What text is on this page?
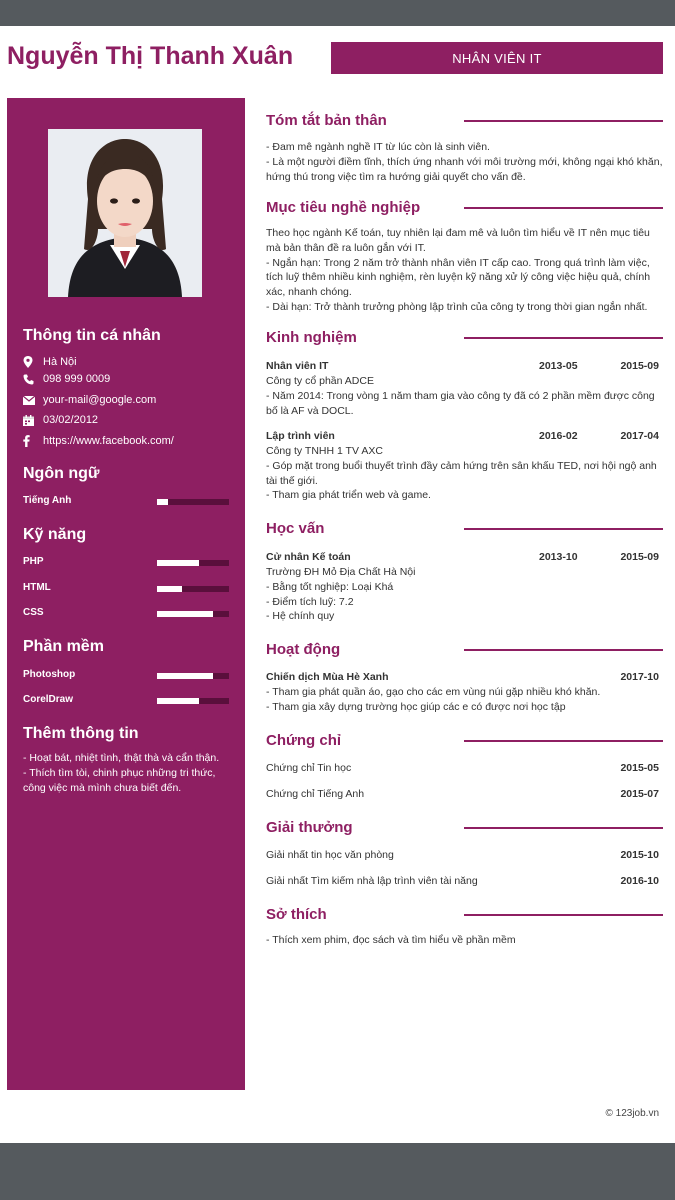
Nguyễn Thị Thanh Xuân	NHÂN VIÊN IT
Thông tin cá nhân
Hà Nội
098 999 0009
your-mail@google.com
03/02/2012
https://www.facebook.com/
Ngôn ngữ
Tiếng Anh
Kỹ năng
PHP
HTML
CSS
Phần mềm
Photoshop
CorelDraw
Thêm thông tin
- Hoạt bát, nhiệt tình, thật thà và cẩn thận.
- Thích tìm tòi, chinh phục những tri thức, công việc mà mình chưa biết đến.
Tóm tắt bản thân
- Đam mê ngành nghề IT từ lúc còn là sinh viên.
- Là một người điềm tĩnh, thích ứng nhanh với môi trường mới, không ngại khó khăn, hứng thú trong việc tìm ra hướng giải quyết cho vấn đề.
Mục tiêu nghề nghiệp
Theo học ngành Kế toán, tuy nhiên lại đam mê và luôn tìm hiểu về IT nên mục tiêu mà bản thân đề ra luôn gắn với IT.
- Ngắn hạn: Trong 2 năm trở thành nhân viên IT cấp cao. Trong quá trình làm việc, tích luỹ thêm nhiều kinh nghiệm, rèn luyện kỹ năng xử lý công việc hiệu quả, chính xác, nhanh chóng.
- Dài hạn: Trở thành trưởng phòng lập trình của công ty trong thời gian ngắn nhất.
Kinh nghiệm
Nhân viên IT	2013-05	2015-09
Công ty cổ phần ADCE
- Năm 2014: Trong vòng 1 năm tham gia vào công ty đã có 2 phần mềm được công bố là AF và DOCL.
Lập trình viên	2016-02	2017-04
Công ty TNHH 1 TV AXC
- Góp mặt trong buổi thuyết trình đầy cảm hứng trên sân khấu TED, nơi hội ngộ anh tài thế giới.
- Tham gia phát triển web và game.
Học vấn
Cử nhân Kế toán	2013-10	2015-09
Trường ĐH Mỏ Địa Chất Hà Nội
- Bằng tốt nghiệp: Loại Khá
- Điểm tích luỹ: 7.2
- Hệ chính quy
Hoạt động
Chiến dịch Mùa Hè Xanh	2017-10
- Tham gia phát quần áo, gạo cho các em vùng núi gặp nhiều khó khăn.
- Tham gia xây dựng trường học giúp các e có được nơi học tập
Chứng chỉ
Chứng chỉ Tin học	2015-05
Chứng chỉ Tiếng Anh	2015-07
Giải thưởng
Giải nhất tin học văn phòng	2015-10
Giải nhất Tìm kiếm nhà lập trình viên tài năng	2016-10
Sở thích
- Thích xem phim, đọc sách và tìm hiểu về phần mềm
© 123job.vn
